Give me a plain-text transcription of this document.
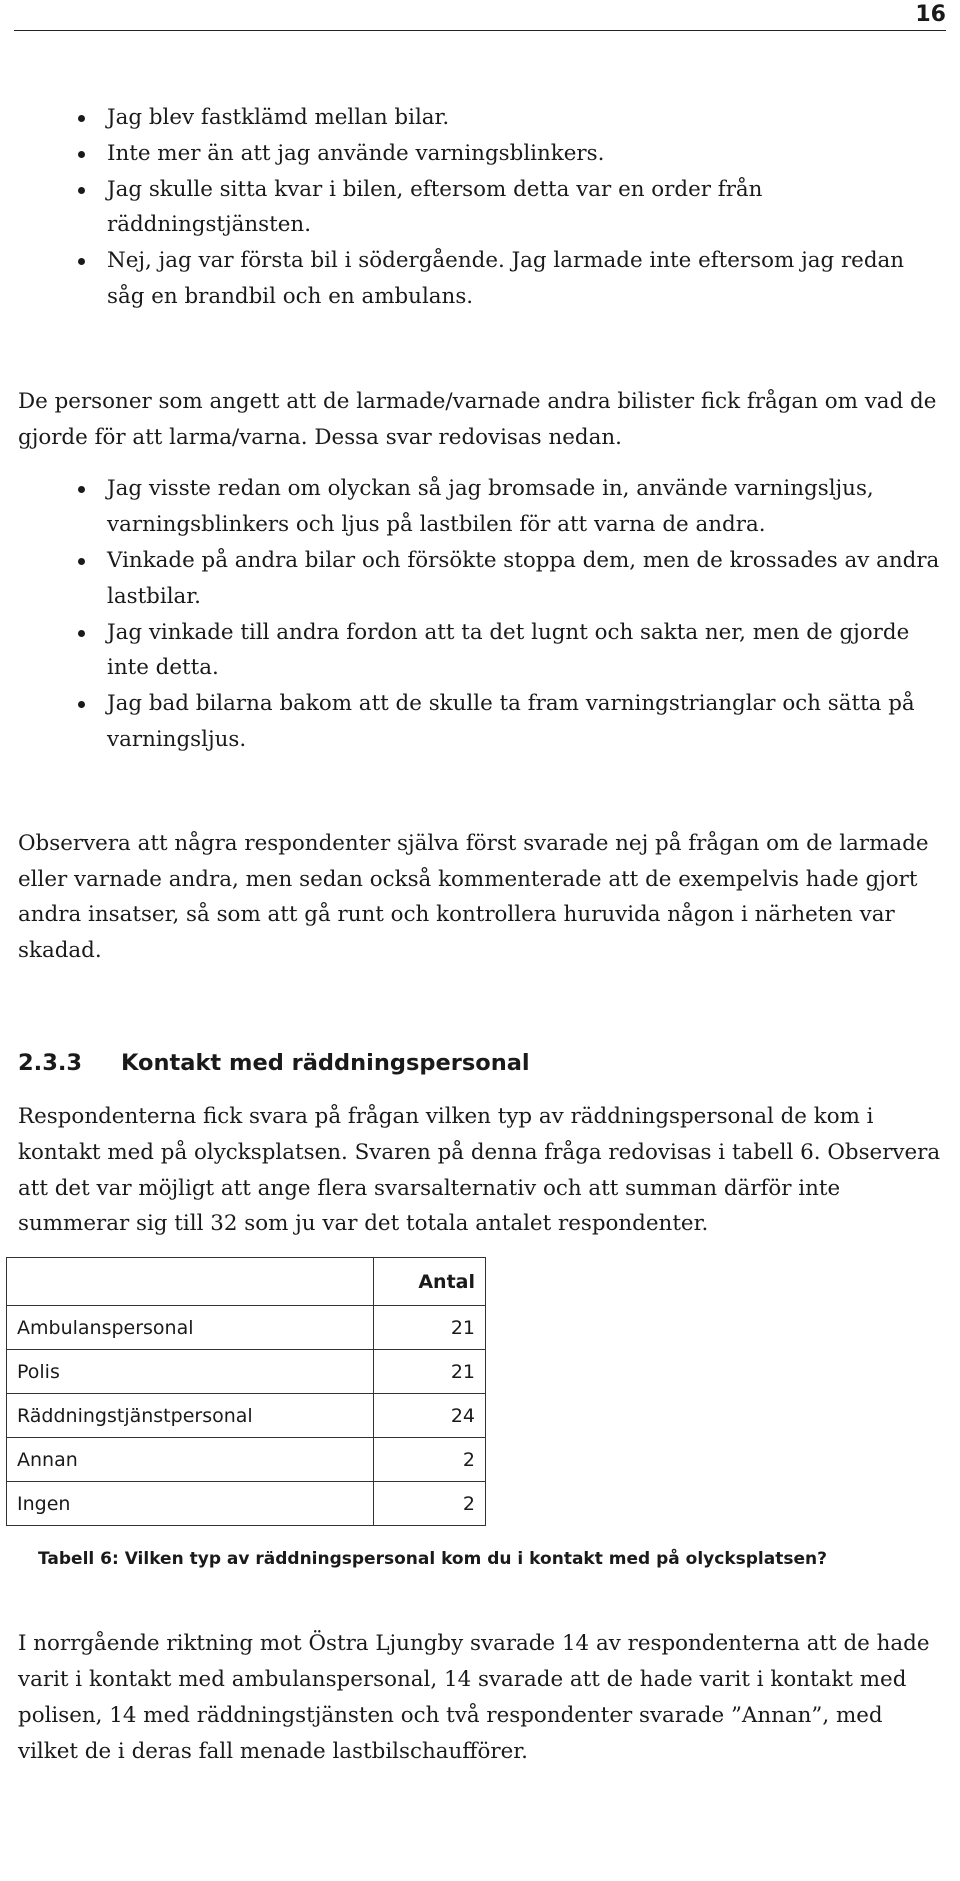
16
Jag blev fastklämd mellan bilar.
Inte mer än att jag använde varningsblinkers.
Jag skulle sitta kvar i bilen, eftersom detta var en order från räddningstjänsten.
Nej, jag var första bil i södergående. Jag larmade inte eftersom jag redan såg en brandbil och en ambulans.

De personer som angett att de larmade/varnade andra bilister fick frågan om vad de gjorde för att larma/varna. Dessa svar redovisas nedan.

Jag visste redan om olyckan så jag bromsade in, använde varningsljus, varningsblinkers och ljus på lastbilen för att varna de andra.
Vinkade på andra bilar och försökte stoppa dem, men de krossades av andra lastbilar.
Jag vinkade till andra fordon att ta det lugnt och sakta ner, men de gjorde inte detta.
Jag bad bilarna bakom att de skulle ta fram varningstrianglar och sätta på varningsljus.

Observera att några respondenter själva först svarade nej på frågan om de larmade eller varnade andra, men sedan också kommenterade att de exempelvis hade gjort andra insatser, så som att gå runt och kontrollera huruvida någon i närheten var skadad.

2.3.3 Kontakt med räddningspersonal

Respondenterna fick svara på frågan vilken typ av räddningspersonal de kom i kontakt med på olycksplatsen. Svaren på denna fråga redovisas i tabell 6. Observera att det var möjligt att ange flera svarsalternativ och att summan därför inte summerar sig till 32 som ju var det totala antalet respondenter.

	Antal
Ambulanspersonal	21
Polis	21
Räddningstjänstpersonal	24
Annan	2
Ingen	2

Tabell 6: Vilken typ av räddningspersonal kom du i kontakt med på olycksplatsen?

I norrgående riktning mot Östra Ljungby svarade 14 av respondenterna att de hade varit i kontakt med ambulanspersonal, 14 svarade att de hade varit i kontakt med polisen, 14 med räddningstjänsten och två respondenter svarade ”Annan”, med vilket de i deras fall menade lastbilschaufförer.
